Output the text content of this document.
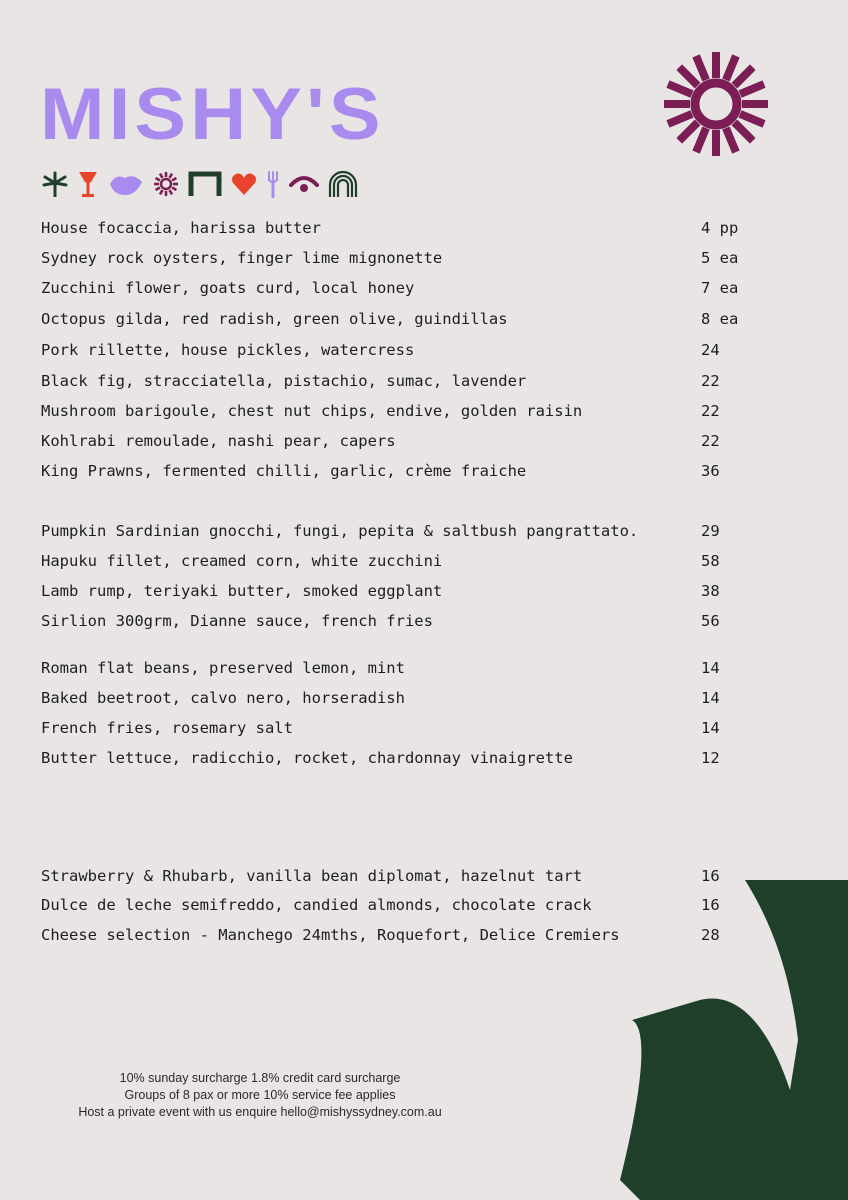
MISHY'S
House focaccia, harissa butter	4 pp
Sydney rock oysters, finger lime mignonette	5 ea
Zucchini flower, goats curd, local honey	7 ea
Octopus gilda, red radish, green olive, guindillas	8 ea
Pork rillette, house pickles, watercress	24
Black fig, stracciatella, pistachio, sumac, lavender	22
Mushroom barigoule, chest nut chips, endive, golden raisin	22
Kohlrabi remoulade, nashi pear, capers	22
King Prawns, fermented chilli, garlic, crème fraiche	36
Pumpkin Sardinian gnocchi, fungi, pepita & saltbush pangrattato.	29
Hapuku fillet, creamed corn, white zucchini	58
Lamb rump, teriyaki butter, smoked eggplant	38
Sirlion 300grm, Dianne sauce, french fries	56
Roman flat beans, preserved lemon, mint	14
Baked beetroot, calvo nero, horseradish	14
French fries, rosemary salt	14
Butter lettuce, radicchio, rocket, chardonnay vinaigrette	12
Strawberry & Rhubarb, vanilla bean diplomat, hazelnut tart	16
Dulce de leche semifreddo, candied almonds, chocolate crack	16
Cheese selection - Manchego 24mths, Roquefort, Delice Cremiers	28
10% sunday surcharge 1.8% credit card surcharge
Groups of 8 pax or more 10% service fee applies
Host a private event with us enquire hello@mishyssydney.com.au
